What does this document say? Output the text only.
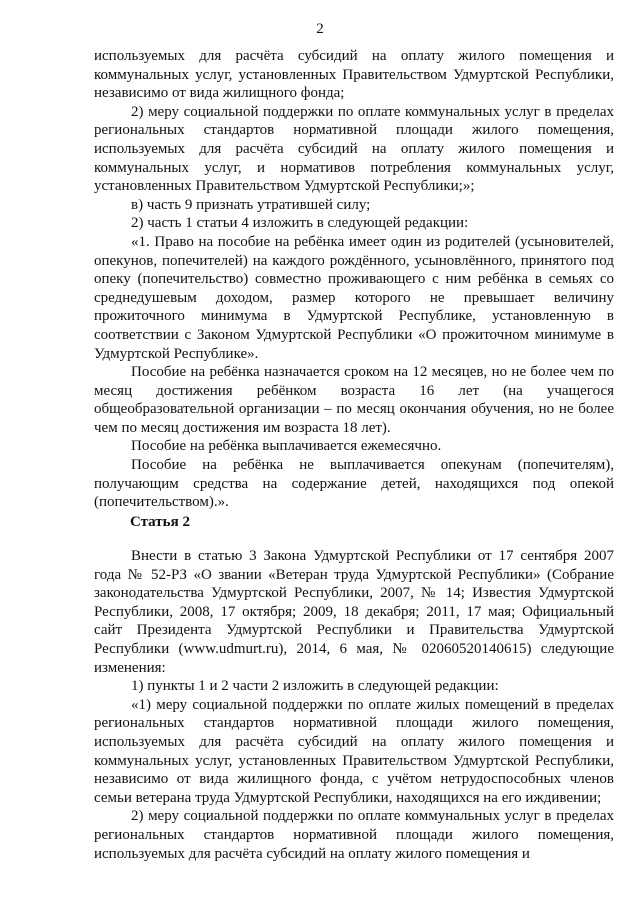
2

используемых для расчёта субсидий на оплату жилого помещения и коммунальных услуг, установленных Правительством Удмуртской Республики, независимо от вида жилищного фонда;

2) меру социальной поддержки по оплате коммунальных услуг в пределах региональных стандартов нормативной площади жилого помещения, используемых для расчёта субсидий на оплату жилого помещения и коммунальных услуг, и нормативов потребления коммунальных услуг, установленных Правительством Удмуртской Республики;»;

в) часть 9 признать утратившей силу;

2) часть 1 статьи 4 изложить в следующей редакции:

«1. Право на пособие на ребёнка имеет один из родителей (усыновителей, опекунов, попечителей) на каждого рождённого, усыновлённого, принятого под опеку (попечительство) совместно проживающего с ним ребёнка в семьях со среднедушевым доходом, размер которого не превышает величину прожиточного минимума в Удмуртской Республике, установленную в соответствии с Законом Удмуртской Республики «О прожиточном минимуме в Удмуртской Республике».

Пособие на ребёнка назначается сроком на 12 месяцев, но не более чем по месяц достижения ребёнком возраста 16 лет (на учащегося общеобразовательной организации – по месяц окончания обучения, но не более чем по месяц достижения им возраста 18 лет).

Пособие на ребёнка выплачивается ежемесячно.

Пособие на ребёнка не выплачивается опекунам (попечителям), получающим средства на содержание детей, находящихся под опекой (попечительством).».

Статья 2

Внести в статью 3 Закона Удмуртской Республики от 17 сентября 2007 года № 52-РЗ «О звании «Ветеран труда Удмуртской Республики» (Собрание законодательства Удмуртской Республики, 2007, № 14; Известия Удмуртской Республики, 2008, 17 октября; 2009, 18 декабря; 2011, 17 мая; Официальный сайт Президента Удмуртской Республики и Правительства Удмуртской Республики (www.udmurt.ru), 2014, 6 мая, № 02060520140615) следующие изменения:

1) пункты 1 и 2 части 2 изложить в следующей редакции:

«1) меру социальной поддержки по оплате жилых помещений в пределах региональных стандартов нормативной площади жилого помещения, используемых для расчёта субсидий на оплату жилого помещения и коммунальных услуг, установленных Правительством Удмуртской Республики, независимо от вида жилищного фонда, с учётом нетрудоспособных членов семьи ветерана труда Удмуртской Республики, находящихся на его иждивении;

2) меру социальной поддержки по оплате коммунальных услуг в пределах региональных стандартов нормативной площади жилого помещения, используемых для расчёта субсидий на оплату жилого помещения и
